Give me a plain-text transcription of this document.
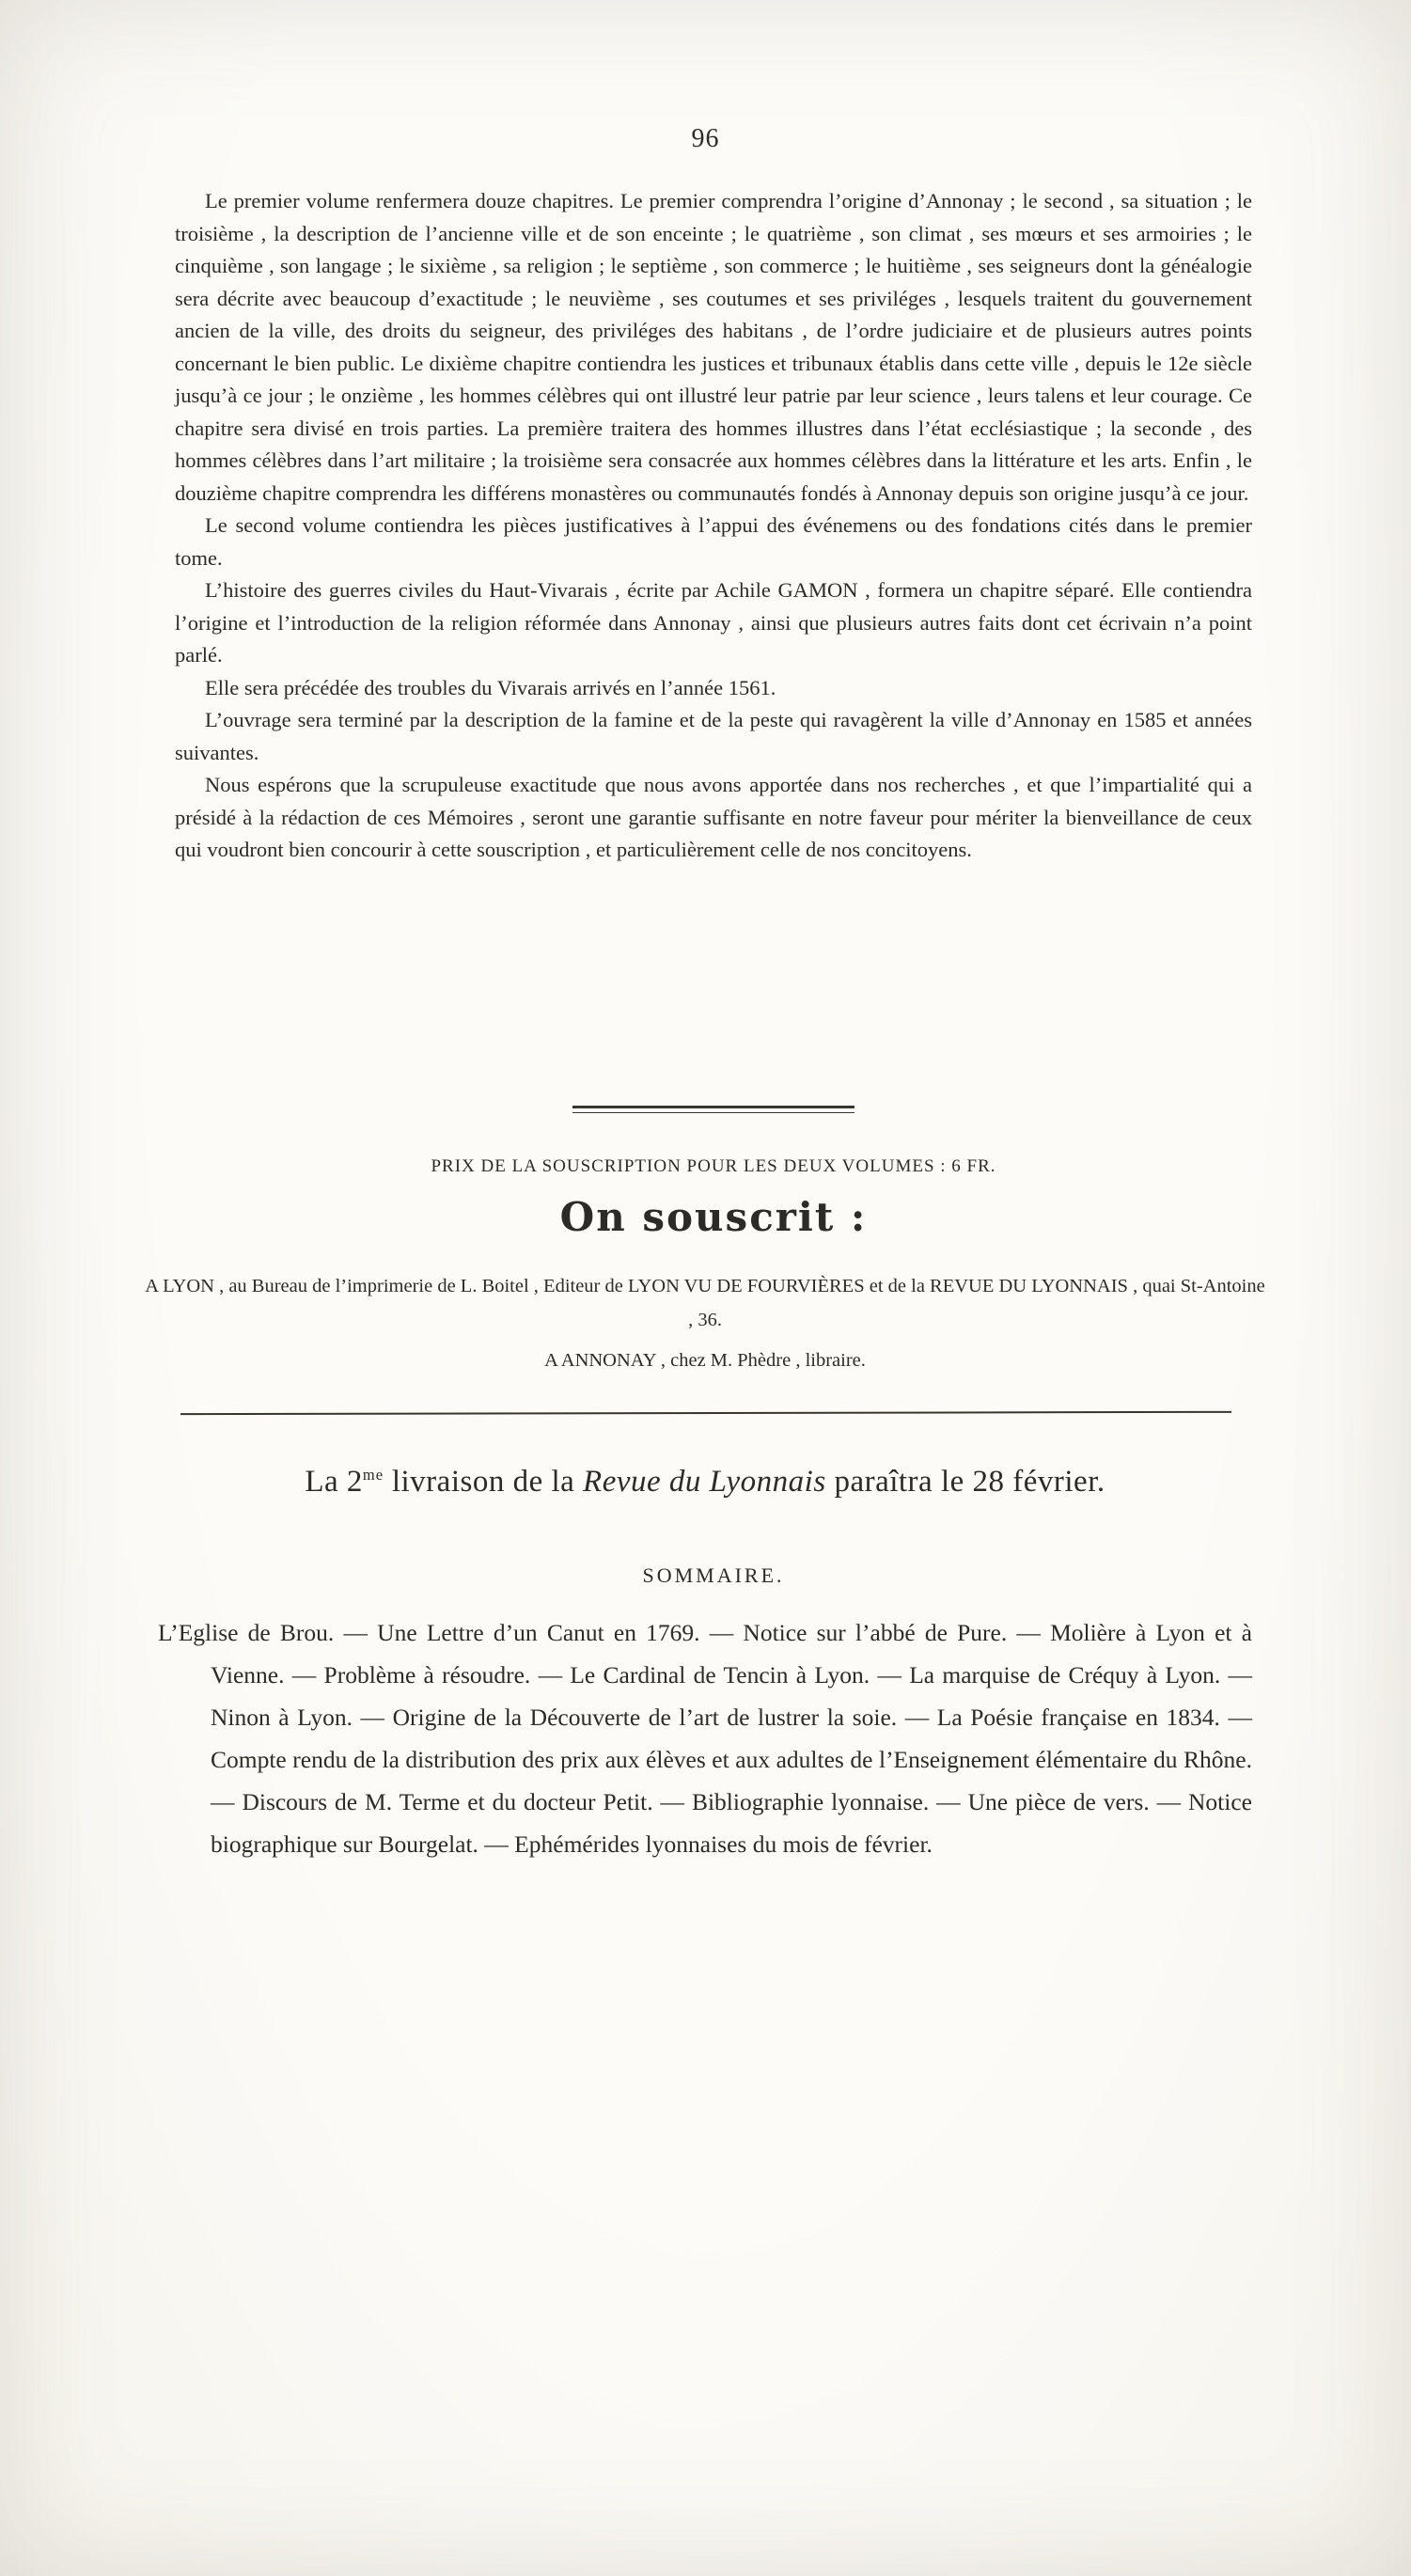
96

Le premier volume renfermera douze chapitres. Le premier comprendra l’origine d’Annonay ; le second , sa situation ; le troisième , la description de l’ancienne ville et de son enceinte ; le quatrième , son climat , ses mœurs et ses armoiries ; le cinquième , son langage ; le sixième , sa religion ; le septième , son commerce ; le huitième , ses seigneurs dont la généalogie sera décrite avec beaucoup d’exactitude ; le neuvième , ses coutumes et ses priviléges , lesquels traitent du gouvernement ancien de la ville, des droits du seigneur, des priviléges des habitans , de l’ordre judiciaire et de plusieurs autres points concernant le bien public. Le dixième chapitre contiendra les justices et tribunaux établis dans cette ville , depuis le 12e siècle jusqu’à ce jour ; le onzième , les hommes célèbres qui ont illustré leur patrie par leur science , leurs talens et leur courage. Ce chapitre sera divisé en trois parties. La première traitera des hommes illustres dans l’état ecclésiastique ; la seconde , des hommes célèbres dans l’art militaire ; la troisième sera consacrée aux hommes célèbres dans la littérature et les arts. Enfin , le douzième chapitre comprendra les différens monastères ou communautés fondés à Annonay depuis son origine jusqu’à ce jour.

Le second volume contiendra les pièces justificatives à l’appui des événemens ou des fondations cités dans le premier tome.

L’histoire des guerres civiles du Haut-Vivarais , écrite par Achile GAMON , formera un chapitre séparé. Elle contiendra l’origine et l’introduction de la religion réformée dans Annonay , ainsi que plusieurs autres faits dont cet écrivain n’a point parlé.

Elle sera précédée des troubles du Vivarais arrivés en l’année 1561.

L’ouvrage sera terminé par la description de la famine et de la peste qui ravagèrent la ville d’Annonay en 1585 et années suivantes.

Nous espérons que la scrupuleuse exactitude que nous avons apportée dans nos recherches , et que l’impartialité qui a présidé à la rédaction de ces Mémoires , seront une garantie suffisante en notre faveur pour mériter la bienveillance de ceux qui voudront bien concourir à cette souscription , et particulièrement celle de nos concitoyens.

PRIX DE LA SOUSCRIPTION POUR LES DEUX VOLUMES : 6 FR.
On souscrit :
A LYON , au Bureau de l’imprimerie de L. Boitel , Editeur de LYON VU DE FOURVIÈRES et de la REVUE DU LYONNAIS , quai St-Antoine , 36.
A ANNONAY , chez M. Phèdre , libraire.
La $2^{me}$ livraison de la Revue du Lyonnais paraîtra le 28 février.
SOMMAIRE.
L’Eglise de Brou. — Une Lettre d’un Canut en 1769. — Notice sur l’abbé de Pure. — Molière à Lyon et à Vienne. — Problème à résoudre. — Le Cardinal de Tencin à Lyon. — La marquise de Créquy à Lyon. — Ninon à Lyon. — Origine de la Découverte de l’art de lustrer la soie. — La Poésie française en 1834. — Compte rendu de la distribution des prix aux élèves et aux adultes de l’Enseignement élémentaire du Rhône. — Discours de M. Terme et du docteur Petit. — Bibliographie lyonnaise. — Une pièce de vers. — Notice biographique sur Bourgelat. — Ephémérides lyonnaises du mois de février.
